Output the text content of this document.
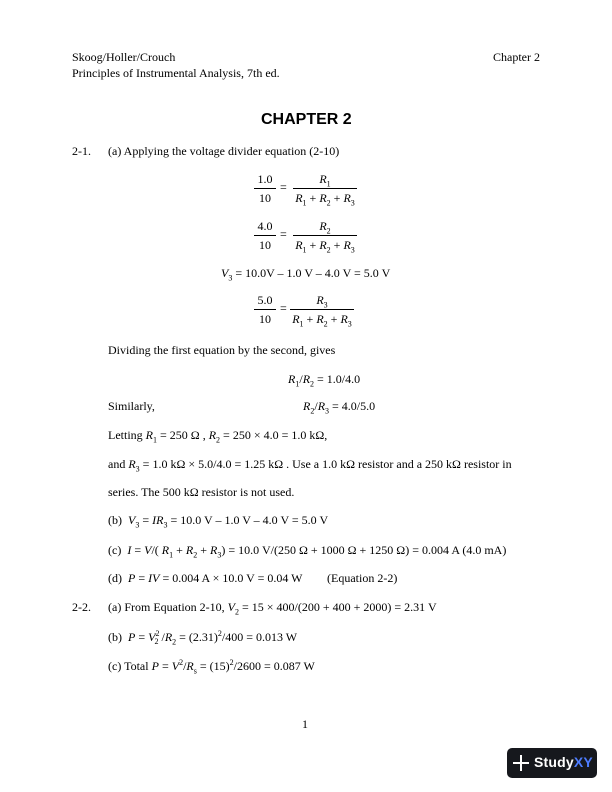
Skoog/Holler/Crouch
Principles of Instrumental Analysis, 7th ed.
Chapter 2
CHAPTER 2
2-1. (a) Applying the voltage divider equation (2-10)
1.0
10
=
$R_1$
$R_1 + R_2 + R_3$
4.0
10
=
$R_2$
$R_1 + R_2 + R_3$
$V_3 = 10.0V - 1.0$ V – 4.0 V = 5.0 V
5.0
10
=
$R_3$
$R_1 + R_2 + R_3$
Dividing the first equation by the second, gives
$R_1/R_2 = 1.0/4.0$
Similarly,	$R_2/R_3 = 4.0/5.0$
Letting $R_1 = 250$ Ω , $R_2 = 250 \times 4.0 = 1.0$ kΩ,
and $R_3 = 1.0$ kΩ × 5.0/4.0 = 1.25 kΩ . Use a 1.0 kΩ resistor and a 250 kΩ resistor in
series. The 500 kΩ resistor is not used.
(b) $V_3 = IR_3 = 10.0$ V – 1.0 V – 4.0 V = 5.0 V
(c) I = V/( $R_1 + R_2 + R_3) = 10.0$ V/(250 Ω + 1000 Ω + 1250 Ω) = 0.004 A (4.0 mA)
(d) P = IV = 0.004 A × 10.0 V = 0.04 W (Equation 2-2)
2-2. (a) From Equation 2-10, $V_2 = 15 \times 400/(200 + 400 + 2000) = 2.31$ V
(b) $P = V^2_2$ $/R_2 = (2.31)^2/400 = 0.013$ W
(c) Total $P = V^2/R_s = (15)^2/2600 = 0.087$ W
1
StudyXY
